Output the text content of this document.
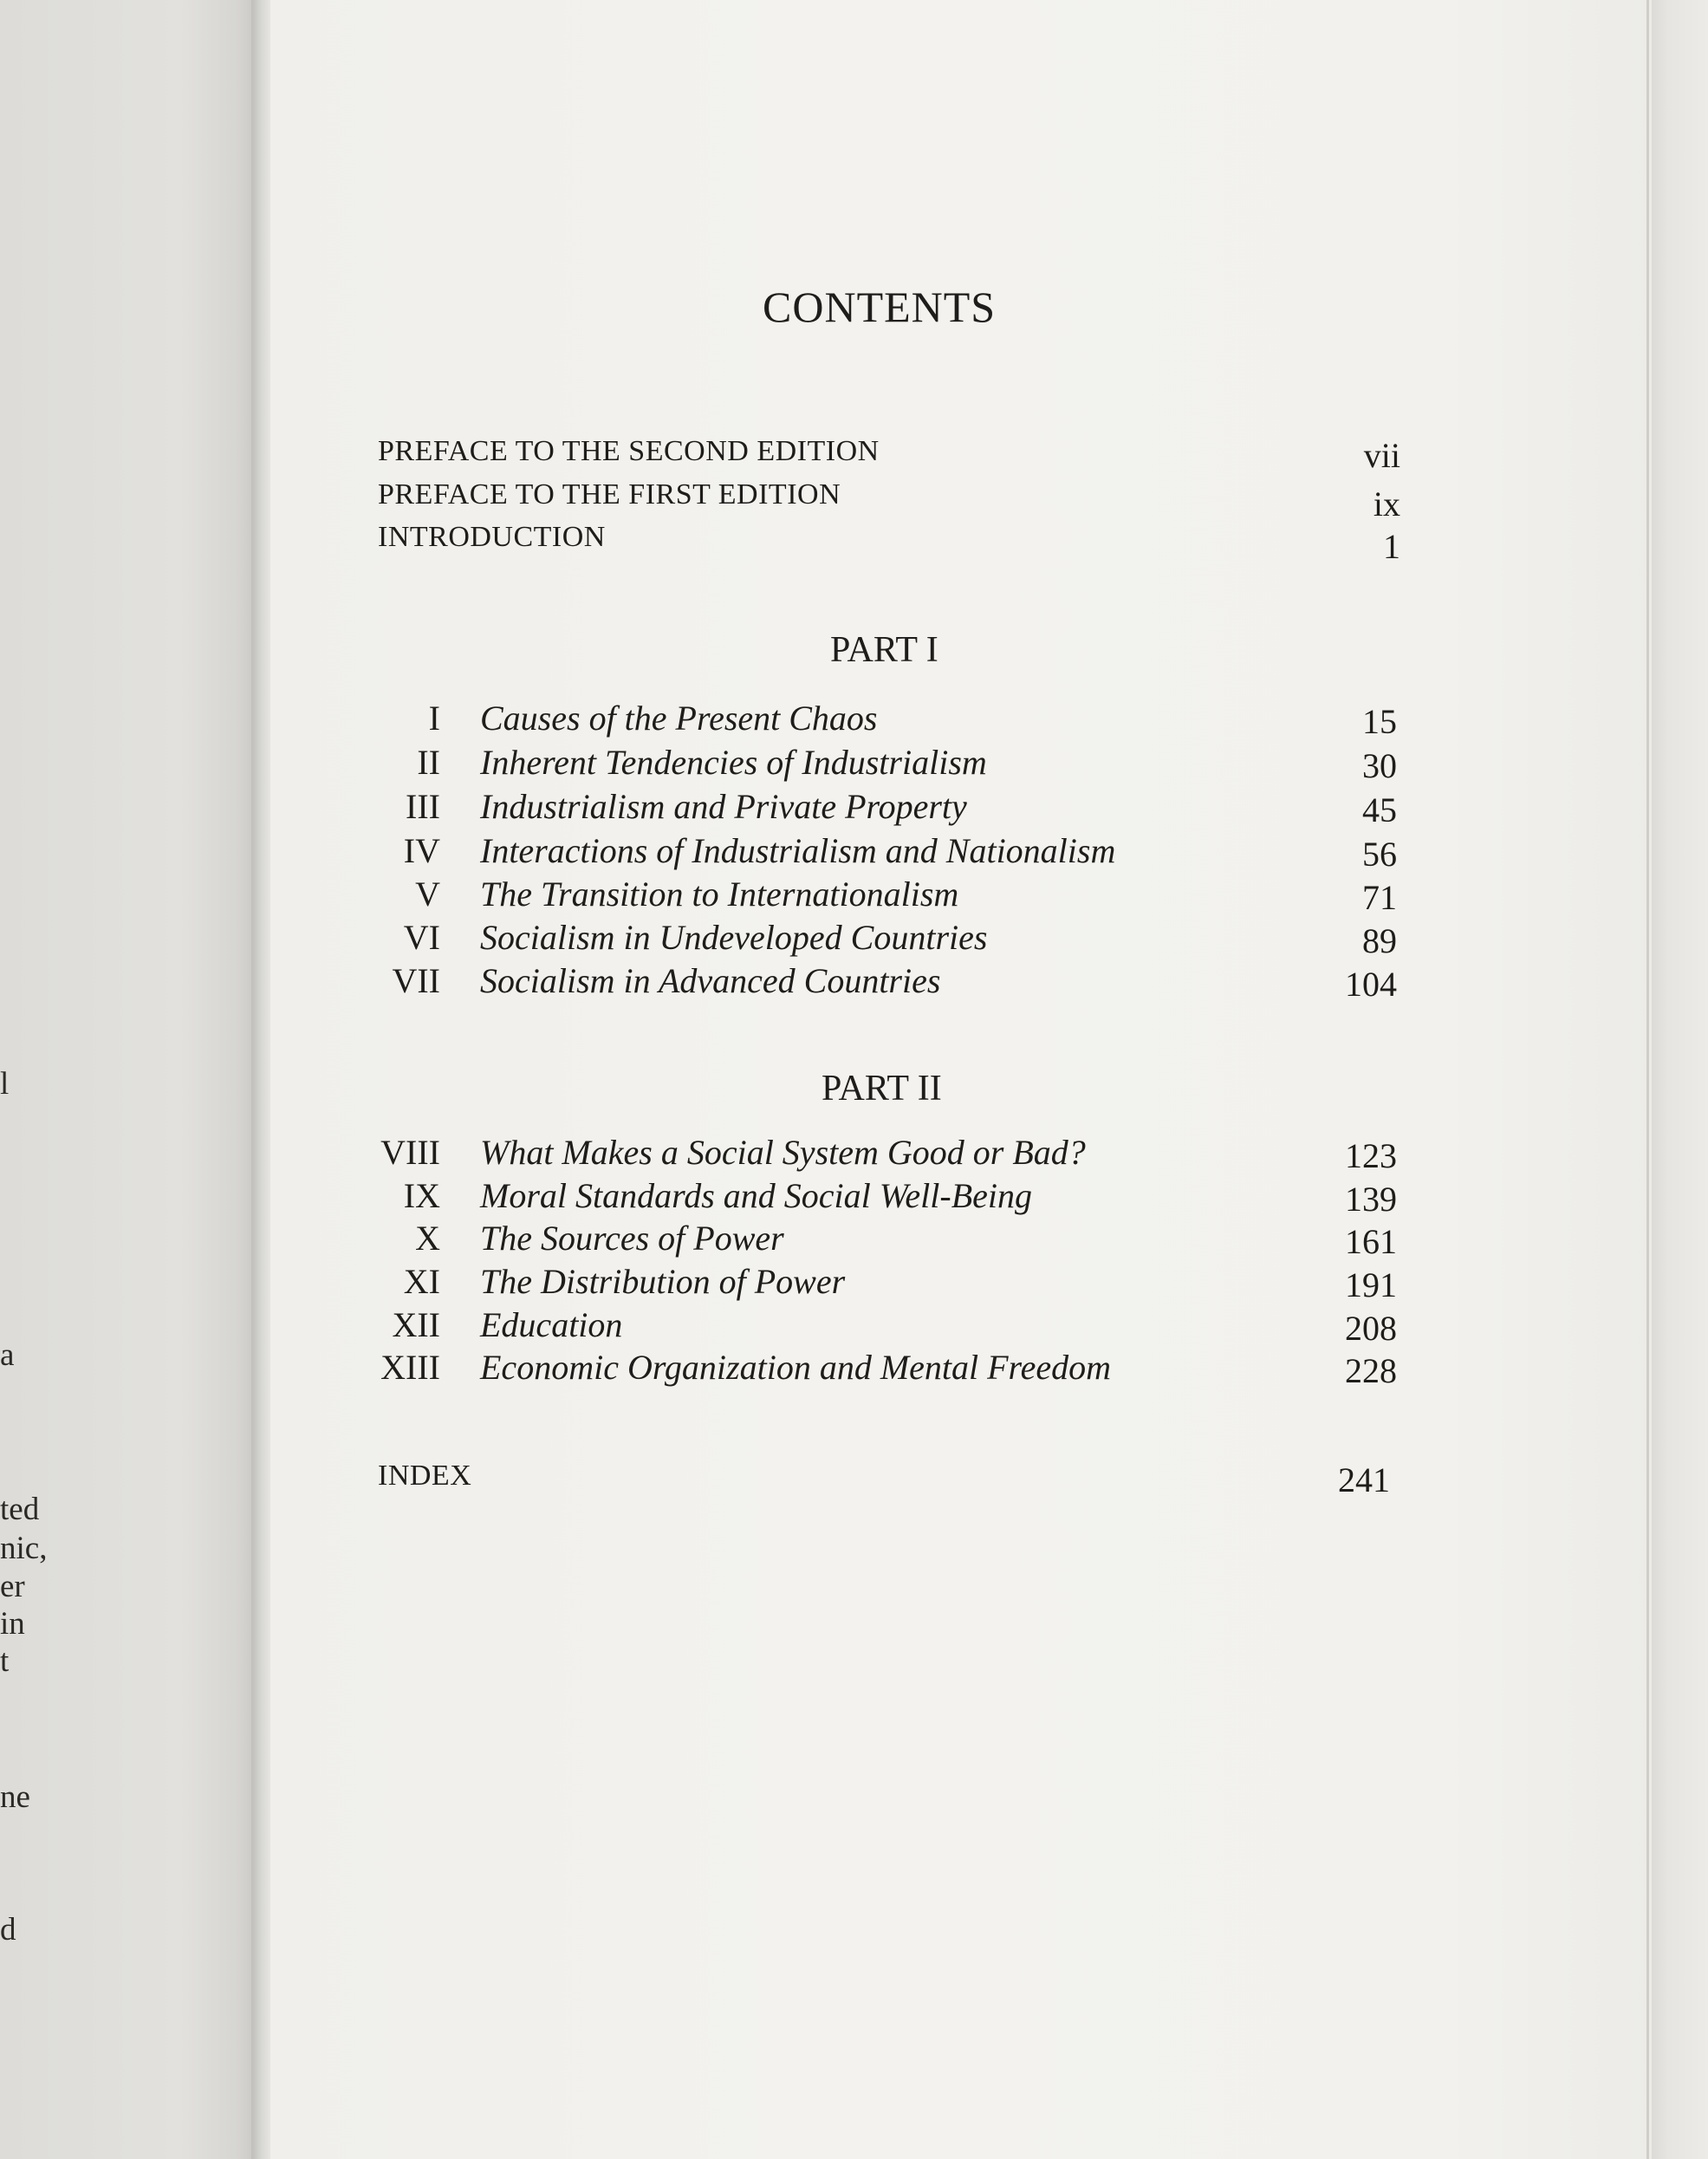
l
a
ted
nic,
er
in
t
ne
d
CONTENTS
PREFACE TO THE SECOND EDITION	vii
PREFACE TO THE FIRST EDITION	ix
INTRODUCTION	1
PART I
I Causes of the Present Chaos	15
II Inherent Tendencies of Industrialism	30
III Industrialism and Private Property	45
IV Interactions of Industrialism and Nationalism	56
V The Transition to Internationalism	71
VI Socialism in Undeveloped Countries	89
VII Socialism in Advanced Countries	104
PART II
VIII What Makes a Social System Good or Bad?	123
IX Moral Standards and Social Well-Being	139
X The Sources of Power	161
XI The Distribution of Power	191
XII Education	208
XIII Economic Organization and Mental Freedom	228
INDEX	241
